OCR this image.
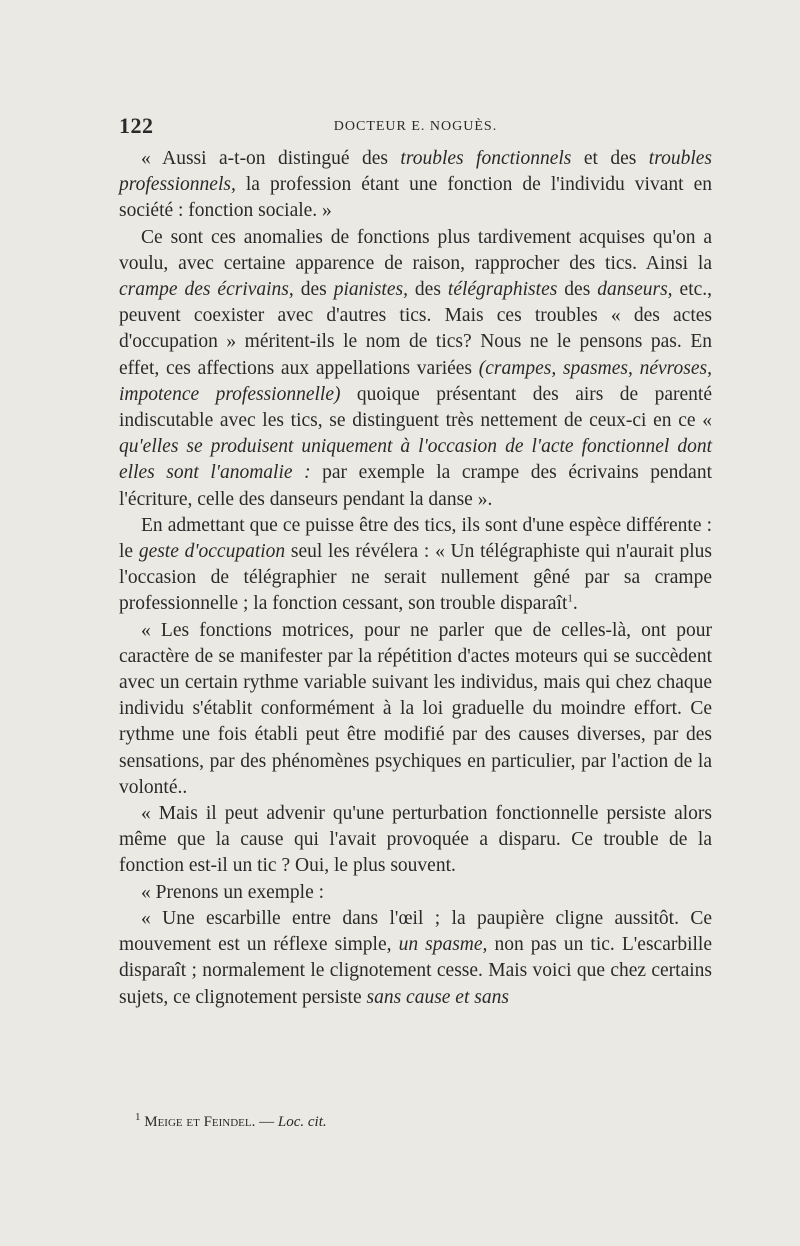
122	DOCTEUR E. NOGUÈS.

« Aussi a-t-on distingué des troubles fonctionnels et des troubles professionnels, la profession étant une fonction de l'individu vivant en société : fonction sociale. »

Ce sont ces anomalies de fonctions plus tardivement acquises qu'on a voulu, avec certaine apparence de raison, rapprocher des tics. Ainsi la crampe des écrivains, des pianistes, des télégraphistes des danseurs, etc., peuvent coexister avec d'autres tics. Mais ces troubles « des actes d'occupation » méritent-ils le nom de tics? Nous ne le pensons pas. En effet, ces affections aux appellations variées (crampes, spasmes, névroses, impotence professionnelle) quoique présentant des airs de parenté indiscutable avec les tics, se distinguent très nettement de ceux-ci en ce « qu'elles se produisent uniquement à l'occasion de l'acte fonctionnel dont elles sont l'anomalie : par exemple la crampe des écrivains pendant l'écriture, celle des danseurs pendant la danse ».

En admettant que ce puisse être des tics, ils sont d'une espèce différente : le geste d'occupation seul les révélera : « Un télégraphiste qui n'aurait plus l'occasion de télégraphier ne serait nullement gêné par sa crampe professionnelle ; la fonction cessant, son trouble disparaît$^1$.

« Les fonctions motrices, pour ne parler que de celles-là, ont pour caractère de se manifester par la répétition d'actes moteurs qui se succèdent avec un certain rythme variable suivant les individus, mais qui chez chaque individu s'établit conformément à la loi graduelle du moindre effort. Ce rythme une fois établi peut être modifié par des causes diverses, par des sensations, par des phénomènes psychiques en particulier, par l'action de la volonté..

« Mais il peut advenir qu'une perturbation fonctionnelle persiste alors même que la cause qui l'avait provoquée a disparu. Ce trouble de la fonction est-il un tic ? Oui, le plus souvent.

« Prenons un exemple :

« Une escarbille entre dans l'œil ; la paupière cligne aussitôt. Ce mouvement est un réflexe simple, un spasme, non pas un tic. L'escarbille disparaît ; normalement le clignotement cesse. Mais voici que chez certains sujets, ce clignotement persiste sans cause et sans

$^1$ Meige et Feindel. — Loc. cit.
